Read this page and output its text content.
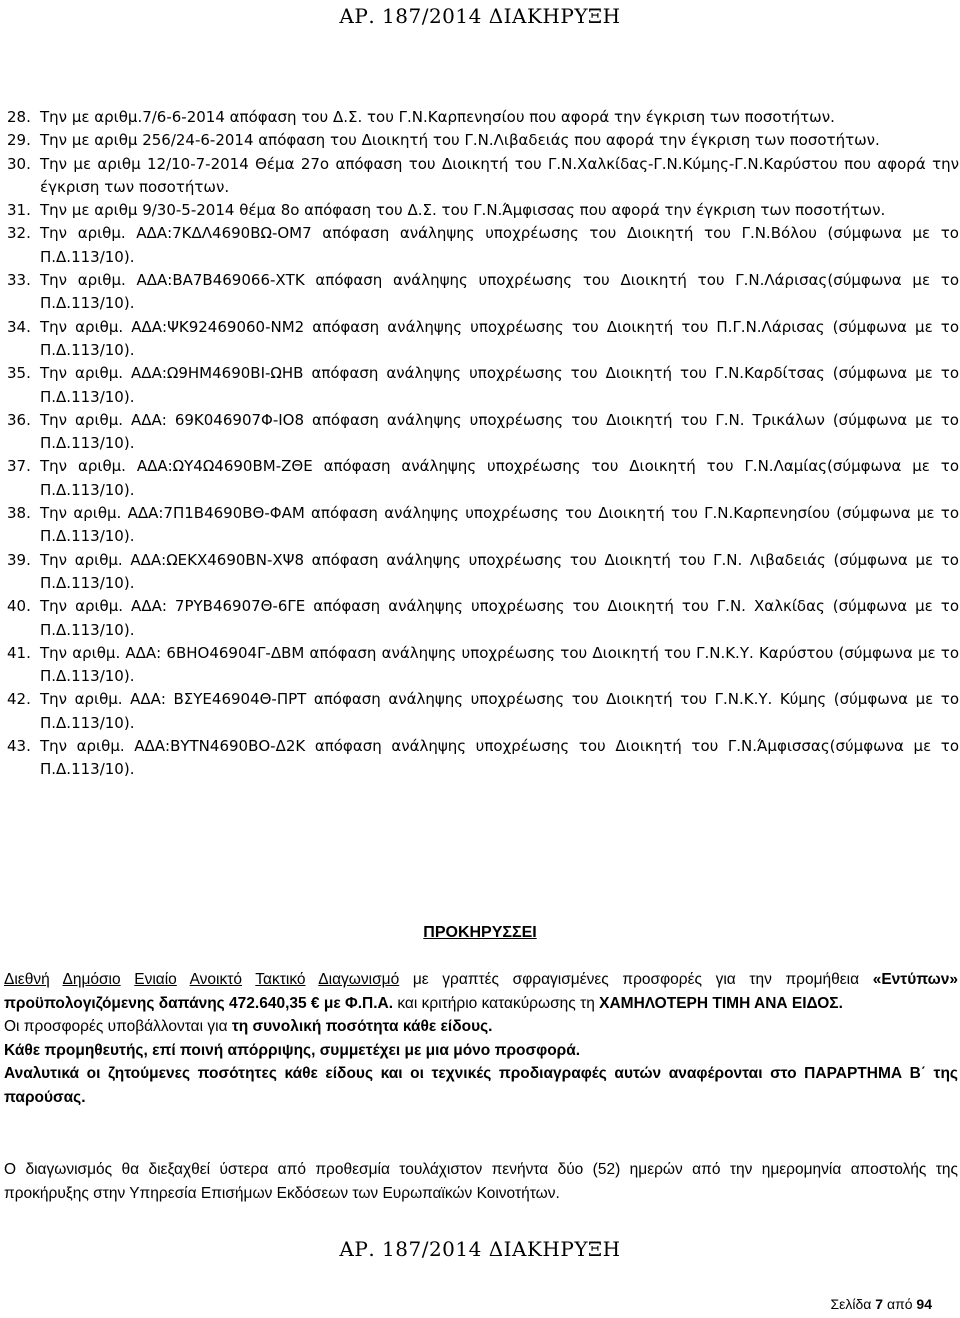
ΑΡ. 187/2014 ΔΙΑΚΗΡΥΞΗ
28. Την με αριθμ.7/6-6-2014 απόφαση του Δ.Σ. του Γ.Ν.Καρπενησίου που αφορά την έγκριση των ποσοτήτων.
29. Την με αριθμ 256/24-6-2014 απόφαση του Διοικητή του Γ.Ν.Λιβαδειάς που αφορά την έγκριση των ποσοτήτων.
30. Την με αριθμ 12/10-7-2014 Θέμα 27ο απόφαση του Διοικητή του Γ.Ν.Χαλκίδας-Γ.Ν.Κύμης-Γ.Ν.Καρύστου που αφορά την έγκριση των ποσοτήτων.
31. Την με αριθμ 9/30-5-2014 θέμα 8ο απόφαση του Δ.Σ. του Γ.Ν.Άμφισσας που αφορά την έγκριση των ποσοτήτων.
32. Την αριθμ. ΑΔΑ:7ΚΔΛ4690ΒΩ-ΟΜ7 απόφαση ανάληψης υποχρέωσης του Διοικητή του Γ.Ν.Βόλου (σύμφωνα με το Π.Δ.113/10).
33. Την αριθμ. ΑΔΑ:ΒΑ7Β469066-ΧΤΚ απόφαση ανάληψης υποχρέωσης του Διοικητή του Γ.Ν.Λάρισας(σύμφωνα με το Π.Δ.113/10).
34. Την αριθμ. ΑΔΑ:ΨΚ92469060-ΝΜ2 απόφαση ανάληψης υποχρέωσης του Διοικητή του Π.Γ.Ν.Λάρισας (σύμφωνα με το Π.Δ.113/10).
35. Την αριθμ. ΑΔΑ:Ω9ΗΜ4690ΒΙ-ΩΗΒ απόφαση ανάληψης υποχρέωσης του Διοικητή του Γ.Ν.Καρδίτσας (σύμφωνα με το Π.Δ.113/10).
36. Την αριθμ. ΑΔΑ: 69Κ046907Φ-ΙΟ8 απόφαση ανάληψης υποχρέωσης του Διοικητή του Γ.Ν. Τρικάλων (σύμφωνα με το Π.Δ.113/10).
37. Την αριθμ. ΑΔΑ:ΩΥ4Ω4690ΒΜ-ΖΘΕ απόφαση ανάληψης υποχρέωσης του Διοικητή του Γ.Ν.Λαμίας(σύμφωνα με το Π.Δ.113/10).
38. Την αριθμ. ΑΔΑ:7Π1Β4690ΒΘ-ΦΑΜ απόφαση ανάληψης υποχρέωσης του Διοικητή του Γ.Ν.Καρπενησίου (σύμφωνα με το Π.Δ.113/10).
39. Την αριθμ. ΑΔΑ:ΩΕΚΧ4690ΒΝ-ΧΨ8 απόφαση ανάληψης υποχρέωσης του Διοικητή του Γ.Ν. Λιβαδειάς (σύμφωνα με το Π.Δ.113/10).
40. Την αριθμ. ΑΔΑ: 7ΡΥΒ46907Θ-6ΓΕ απόφαση ανάληψης υποχρέωσης του Διοικητή του Γ.Ν. Χαλκίδας (σύμφωνα με το Π.Δ.113/10).
41. Την αριθμ. ΑΔΑ: 6ΒΗΟ46904Γ-ΔΒΜ απόφαση ανάληψης υποχρέωσης του Διοικητή του Γ.Ν.Κ.Υ. Καρύστου (σύμφωνα με το Π.Δ.113/10).
42. Την αριθμ. ΑΔΑ: ΒΣΥΕ46904Θ-ΠΡΤ απόφαση ανάληψης υποχρέωσης του Διοικητή του Γ.Ν.Κ.Υ. Κύμης (σύμφωνα με το Π.Δ.113/10).
43. Την αριθμ. ΑΔΑ:ΒΥΤΝ4690ΒΟ-Δ2Κ απόφαση ανάληψης υποχρέωσης του Διοικητή του Γ.Ν.Άμφισσας(σύμφωνα με το Π.Δ.113/10).
ΑΡ. 187/2014 ΔΙΑΚΗΡΥΞΗ
ΠΡΟΚΗΡΥΣΣΕΙ
Διεθνή Δημόσιο Ενιαίο Ανοικτό Τακτικό Διαγωνισμό με γραπτές σφραγισμένες προσφορές για την προμήθεια «Εντύπων» προϋπολογιζόμενης δαπάνης 472.640,35 € με Φ.Π.Α. και κριτήριο κατακύρωσης τη ΧΑΜΗΛΟΤΕΡΗ ΤΙΜΗ ΑΝΑ ΕΙΔΟΣ.
Οι προσφορές υποβάλλονται για τη συνολική ποσότητα κάθε είδους.
Κάθε προμηθευτής, επί ποινή απόρριψης, συμμετέχει με μια μόνο προσφορά.
Αναλυτικά οι ζητούμενες ποσότητες κάθε είδους και οι τεχνικές προδιαγραφές αυτών αναφέρονται στο ΠΑΡΑΡΤΗΜΑ Β΄ της παρούσας.
Ο διαγωνισμός θα διεξαχθεί ύστερα από προθεσμία τουλάχιστον πενήντα δύο (52) ημερών από την ημερομηνία αποστολής της προκήρυξης στην Υπηρεσία Επισήμων Εκδόσεων των Ευρωπαϊκών Κοινοτήτων.
Σελίδα 7 από 94
